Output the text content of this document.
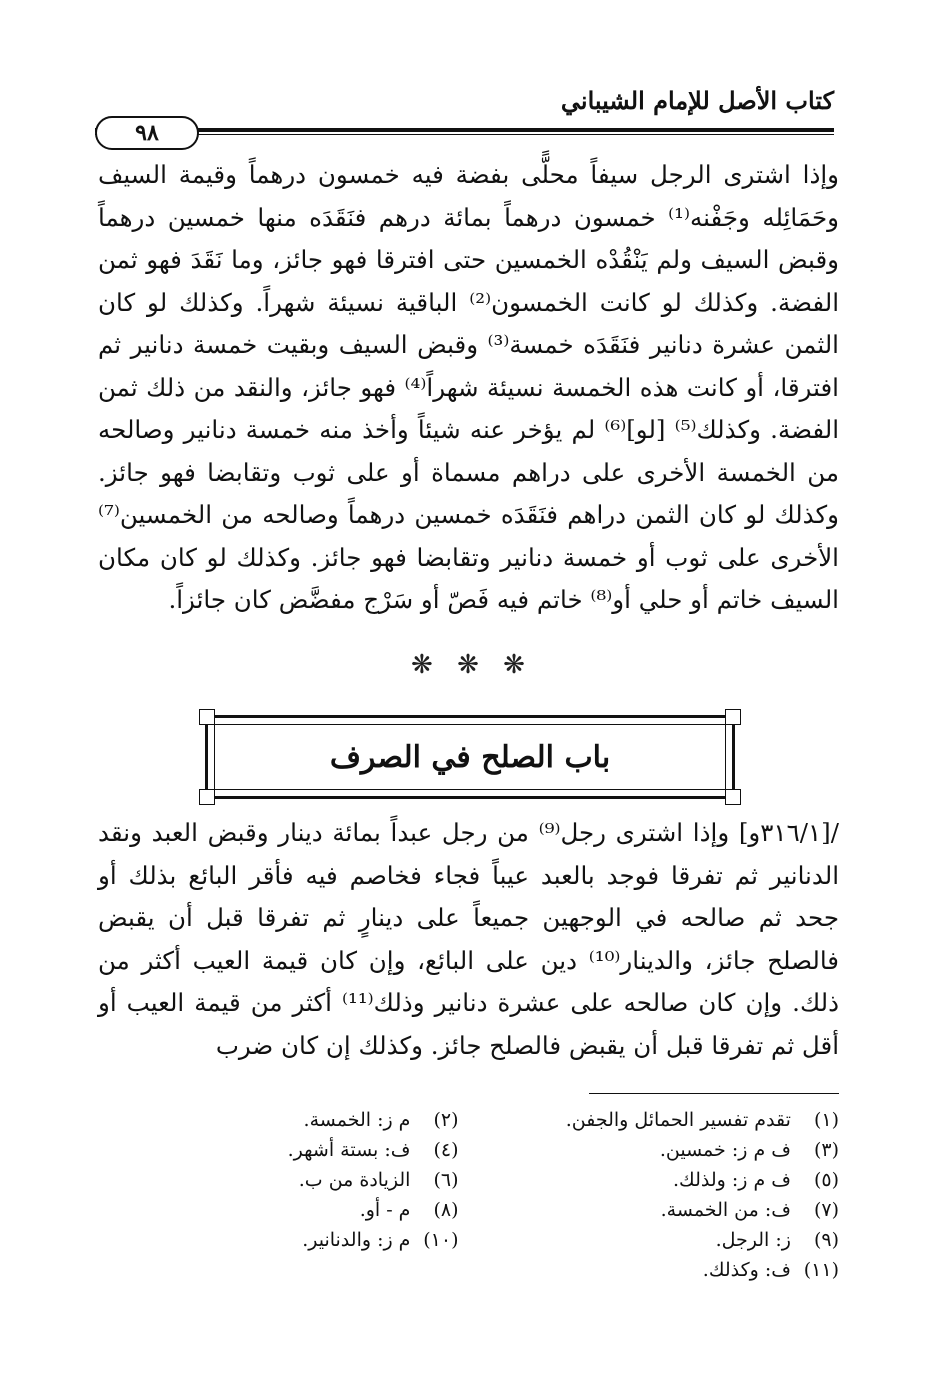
كتاب الأصل للإمام الشيباني
٩٨

وإذا اشترى الرجل سيفاً محلًّى بفضة فيه خمسون درهماً وقيمة السيف وحَمَائِله وجَفْنه⁽¹⁾ خمسون درهماً بمائة درهم فنَقَدَه منها خمسين درهماً وقبض السيف ولم يَنْقُدْه الخمسين حتى افترقا فهو جائز، وما نَقَدَ فهو ثمن الفضة. وكذلك لو كانت الخمسون⁽²⁾ الباقية نسيئة شهراً. وكذلك لو كان الثمن عشرة دنانير فنَقَدَه خمسة⁽³⁾ وقبض السيف وبقيت خمسة دنانير ثم افترقا، أو كانت هذه الخمسة نسيئة شهراً⁽⁴⁾ فهو جائز، والنقد من ذلك ثمن الفضة. وكذلك⁽⁵⁾ [لو]⁽⁶⁾ لم يؤخر عنه شيئاً وأخذ منه خمسة دنانير وصالحه من الخمسة الأخرى على دراهم مسماة أو على ثوب وتقابضا فهو جائز. وكذلك لو كان الثمن دراهم فنَقَدَه خمسين درهماً وصالحه من الخمسين⁽⁷⁾ الأخرى على ثوب أو خمسة دنانير وتقابضا فهو جائز. وكذلك لو كان مكان السيف خاتم أو حلي أو⁽⁸⁾ خاتم فيه فَصّ أو سَرْج مفضَّض كان جائزاً.

❋ ❋ ❋
باب الصلح في الصرف

/[٣١٦/١و] وإذا اشترى رجل⁽⁹⁾ من رجل عبداً بمائة دينار وقبض العبد ونقد الدنانير ثم تفرقا فوجد بالعبد عيباً فجاء فخاصم فيه فأقر البائع بذلك أو جحد ثم صالحه في الوجهين جميعاً على دينارٍ ثم تفرقا قبل أن يقبض فالصلح جائز، والدينار⁽¹⁰⁾ دين على البائع، وإن كان قيمة العيب أكثر من ذلك. وإن كان صالحه على عشرة دنانير وذلك⁽¹¹⁾ أكثر من قيمة العيب أو أقل ثم تفرقا قبل أن يقبض فالصلح جائز. وكذلك إن كان ضرب

(١) تقدم تفسير الحمائل والجفن.
(٢) م ز: الخمسة.
(٣) ف م ز: خمسين.
(٤) ف: بستة أشهر.
(٥) ف م ز: ولذلك.
(٦) الزيادة من ب.
(٧) ف: من الخمسة.
(٨) م - أو.
(٩) ز: الرجل.
(١٠) م ز: والدنانير.
(١١) ف: وكذلك.
